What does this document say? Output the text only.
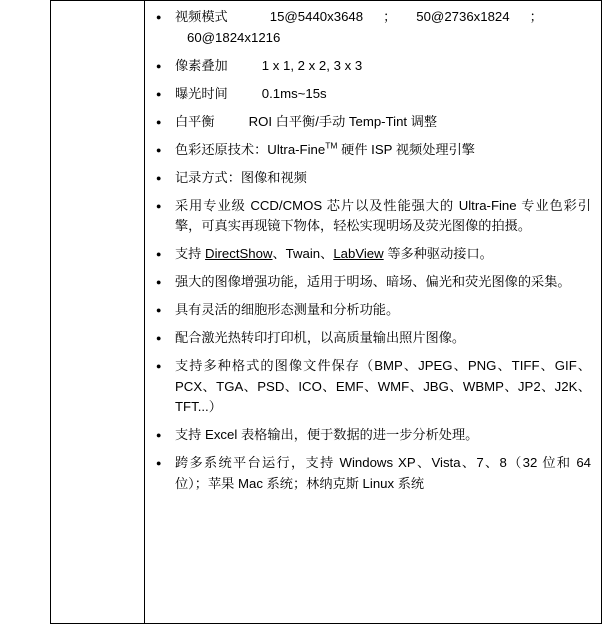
● 视频模式	15@5440x3648 ； 50@2736x1824 ；
60@1824x1216
● 像素叠加	1 x 1, 2 x 2, 3 x 3
● 曝光时间	0.1ms~15s
● 白平衡	ROI 白平衡/手动 Temp-Tint 调整
● 色彩还原技术：Ultra-Fine™ 硬件 ISP 视频处理引擎
● 记录方式：图像和视频
● 采用专业级 CCD/CMOS 芯片以及性能强大的 Ultra-Fine 专业色彩引擎，可真实再现镜下物体，轻松实现明场及荧光图像的拍摄。
● 支持 DirectShow、Twain、LabView 等多种驱动接口。
● 强大的图像增强功能，适用于明场、暗场、偏光和荧光图像的采集。
● 具有灵活的细胞形态测量和分析功能。
● 配合激光热转印打印机，以高质量输出照片图像。
● 支持多种格式的图像文件保存（BMP、JPEG、PNG、TIFF、GIF、PCX、TGA、PSD、ICO、EMF、WMF、JBG、WBMP、JP2、J2K、TFT...）
● 支持 Excel 表格输出，便于数据的进一步分析处理。
● 跨多系统平台运行，支持 Windows XP、Vista、7、8（32 位和 64 位）；苹果 Mac 系统；林纳克斯 Linux 系统
